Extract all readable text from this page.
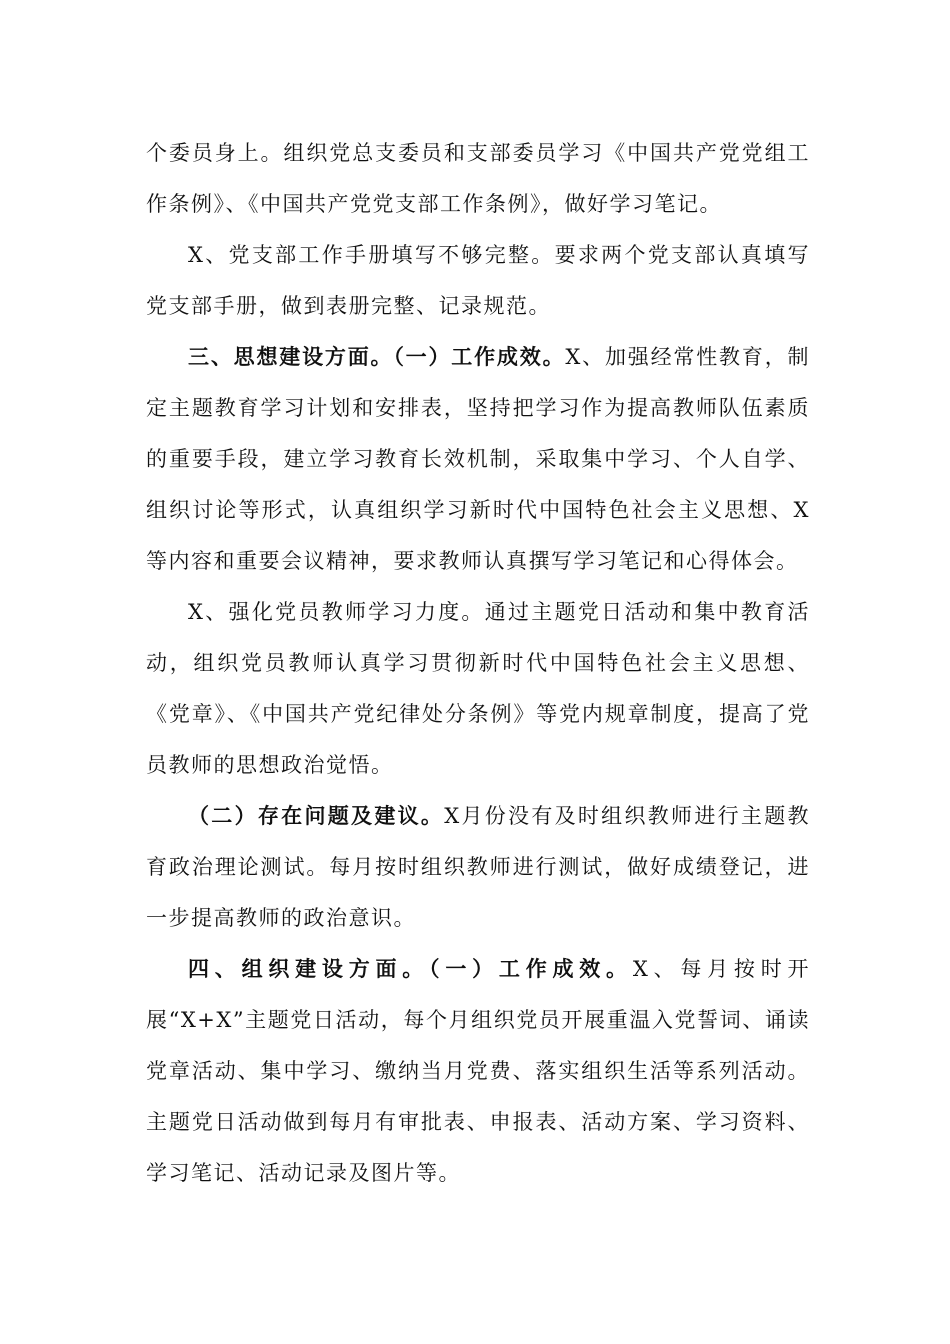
个委员身上。组织党总支委员和支部委员学习《中国共产党党组工作条例》、《中国共产党党支部工作条例》，做好学习笔记。

X、党支部工作手册填写不够完整。要求两个党支部认真填写党支部手册，做到表册完整、记录规范。

三、思想建设方面。（一）工作成效。X、加强经常性教育，制定主题教育学习计划和安排表，坚持把学习作为提高教师队伍素质的重要手段，建立学习教育长效机制，采取集中学习、个人自学、组织讨论等形式，认真组织学习新时代中国特色社会主义思想、X等内容和重要会议精神，要求教师认真撰写学习笔记和心得体会。

X、强化党员教师学习力度。通过主题党日活动和集中教育活动，组织党员教师认真学习贯彻新时代中国特色社会主义思想、《党章》、《中国共产党纪律处分条例》等党内规章制度，提高了党员教师的思想政治觉悟。

（二）存在问题及建议。X月份没有及时组织教师进行主题教育政治理论测试。每月按时组织教师进行测试，做好成绩登记，进一步提高教师的政治意识。

四、组织建设方面。（一）工作成效。X、每月按时开展“X+X”主题党日活动，每个月组织党员开展重温入党誓词、诵读党章活动、集中学习、缴纳当月党费、落实组织生活等系列活动。主题党日活动做到每月有审批表、申报表、活动方案、学习资料、学习笔记、活动记录及图片等。
